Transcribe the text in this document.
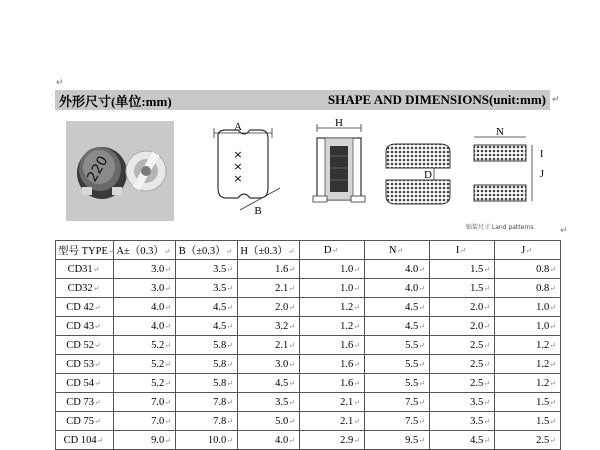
↵
外形尺寸(单位:mm)	SHAPE AND DIMENSIONS(unit:mm) ↵
220	×
×
×
A
B
H
D
N
I
J
贴装尺寸 Land patterns	↵
型号 TYPE↵	A±（0.3）↵	B（±0.3）↵	H（±0.3）↵	D↵	N↵	I↵	J↵
CD31↵	3.0↵	3.5↵	1.6↵	1.0↵	4.0↵	1.5↵	0.8↵
CD32↵	3.0↵	3.5↵	2.1↵	1.0↵	4.0↵	1.5↵	0.8↵
CD 42↵	4.0↵	4.5↵	2.0↵	1.2↵	4.5↵	2.0↵	1.0↵
CD 43↵	4.0↵	4.5↵	3.2↵	1.2↵	4.5↵	2.0↵	1.0↵
CD 52↵	5.2↵	5.8↵	2.1↵	1.6↵	5.5↵	2.5↵	1.2↵
CD 53↵	5.2↵	5.8↵	3.0↵	1.6↵	5.5↵	2.5↵	1.2↵
CD 54↵	5.2↵	5.8↵	4.5↵	1.6↵	5.5↵	2.5↵	1.2↵
CD 73↵	7.0↵	7.8↵	3.5↵	2.1↵	7.5↵	3.5↵	1.5↵
CD 75↵	7.0↵	7.8↵	5.0↵	2.1↵	7.5↵	3.5↵	1.5↵
CD 104↵	9.0↵	10.0↵	4.0↵	2.9↵	9.5↵	4.5↵	2.5↵
